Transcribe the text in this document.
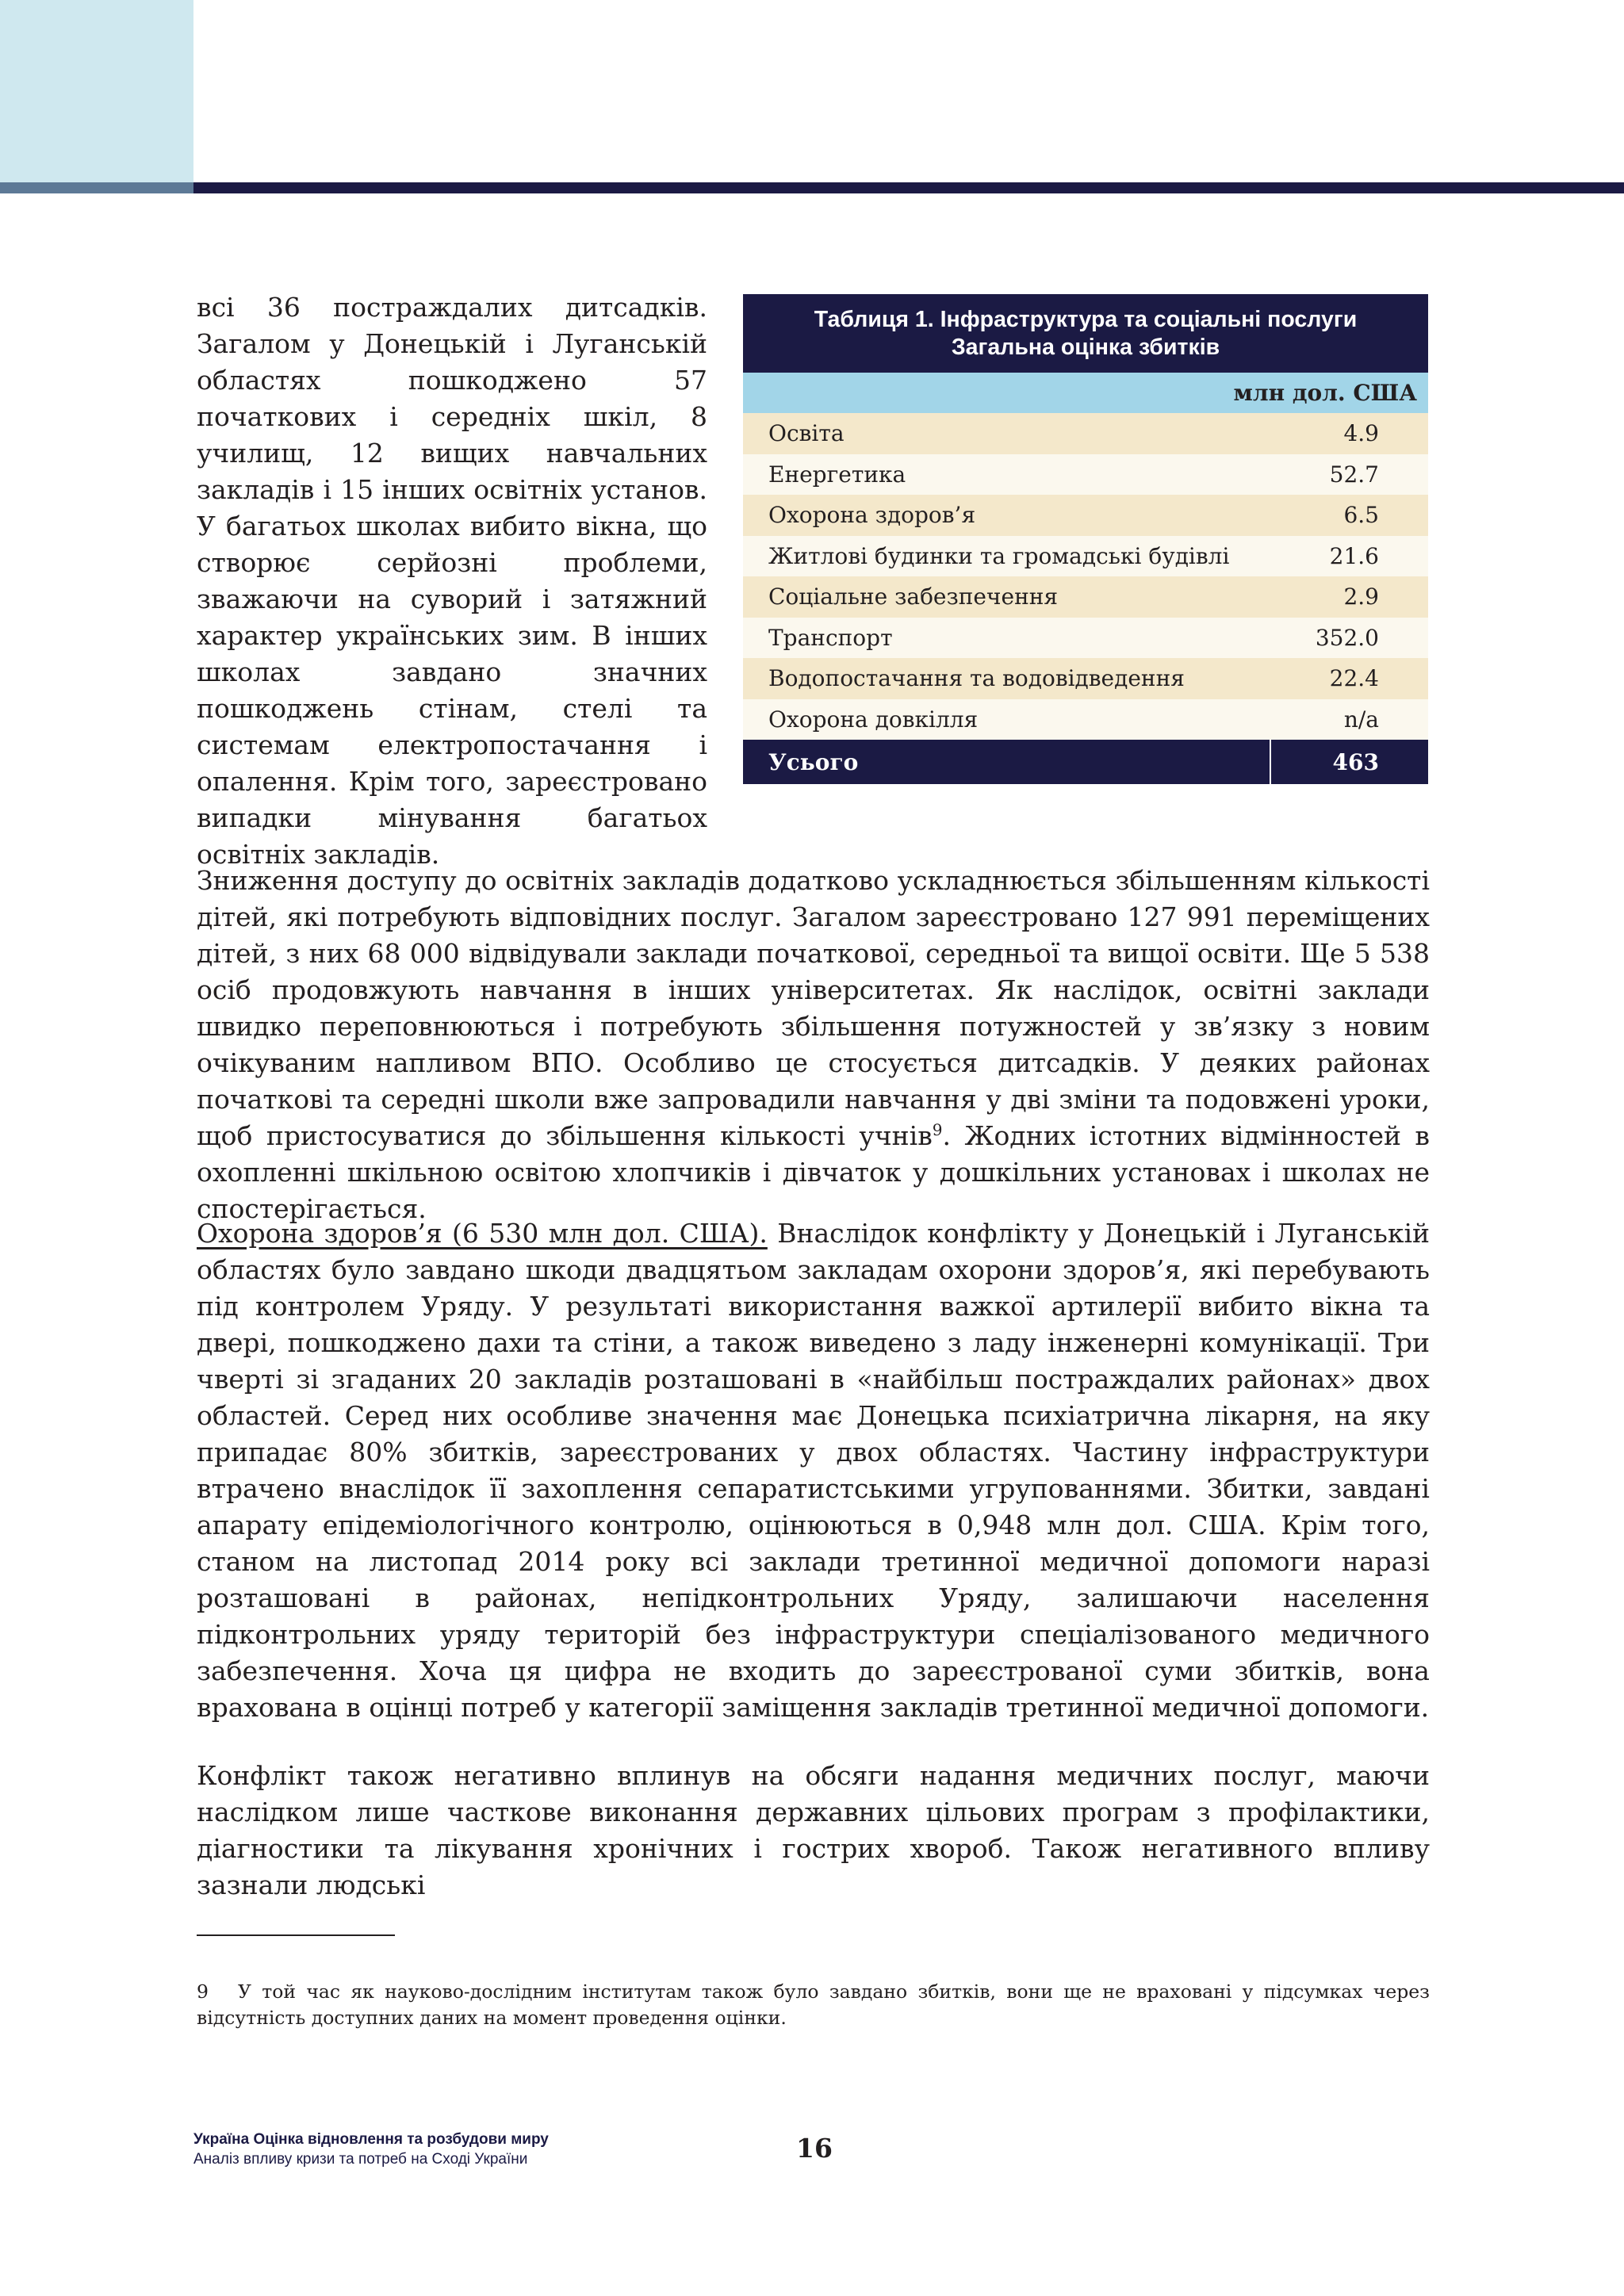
всі 36 постраждалих дитсадків. Загалом у Донецькій і Луганській областях пошкоджено 57 початкових і середніх шкіл, 8 училищ, 12 вищих навчальних закладів і 15 інших освітніх установ. У багатьох школах вибито вікна, що створює серйозні проблеми, зважаючи на суворий і затяжний характер українських зим. В інших школах завдано значних пошкоджень стінам, стелі та системам електропостачання і опалення. Крім того, зареєстровано випадки мінування багатьох освітніх закладів.

Таблиця 1. Інфраструктура та соціальні послуги
Загальна оцінка збитків
млн дол. США
Освіта	4.9
Енергетика	52.7
Охорона здоров’я	6.5
Житлові будинки та громадські будівлі	21.6
Соціальне забезпечення	2.9
Транспорт	352.0
Водопостачання та водовідведення	22.4
Охорона довкілля	n/a
Усього	463

Зниження доступу до освітніх закладів додатково ускладнюється збільшенням кількості дітей, які потребують відповідних послуг. Загалом зареєстровано 127 991 переміщених дітей, з них 68 000 відвідували заклади початкової, середньої та вищої освіти. Ще 5 538 осіб продовжують навчання в інших університетах. Як наслідок, освітні заклади швидко переповнюються і потребують збільшення потужностей у зв’язку з новим очікуваним напливом ВПО. Особливо це стосується дитсадків. У деяких районах початкові та середні школи вже запровадили навчання у дві зміни та подовжені уроки, щоб пристосуватися до збільшення кількості учнів$^9$. Жодних істотних відмінностей в охопленні шкільною освітою хлопчиків і дівчаток у дошкільних установах і школах не спостерігається.

Охорона здоров’я (6 530 млн дол. США). Внаслідок конфлікту у Донецькій і Луганській областях було завдано шкоди двадцятьом закладам охорони здоров’я, які перебувають під контролем Уряду. У результаті використання важкої артилерії вибито вікна та двері, пошкоджено дахи та стіни, а також виведено з ладу інженерні комунікації. Три чверті зі згаданих 20 закладів розташовані в «найбільш постраждалих районах» двох областей. Серед них особливе значення має Донецька психіатрична лікарня, на яку припадає 80% збитків, зареєстрованих у двох областях. Частину інфраструктури втрачено внаслідок її захоплення сепаратистськими угрупованнями. Збитки, завдані апарату епідеміологічного контролю, оцінюються в 0,948 млн дол. США. Крім того, станом на листопад 2014 року всі заклади третинної медичної допомоги наразі розташовані в районах, непідконтрольних Уряду, залишаючи населення підконтрольних уряду територій без інфраструктури спеціалізованого медичного забезпечення. Хоча ця цифра не входить до зареєстрованої суми збитків, вона врахована в оцінці потреб у категорії заміщення закладів третинної медичної допомоги.

Конфлікт також негативно вплинув на обсяги надання медичних послуг, маючи наслідком лише часткове виконання державних цільових програм з профілактики, діагностики та лікування хронічних і гострих хвороб. Також негативного впливу зазнали людські

9 У той час як науково-дослідним інститутам також було завдано збитків, вони ще не враховані у підсумках через відсутність доступних даних на момент проведення оцінки.

Україна Оцінка відновлення та розбудови миру
Аналіз впливу кризи та потреб на Сході України	16
